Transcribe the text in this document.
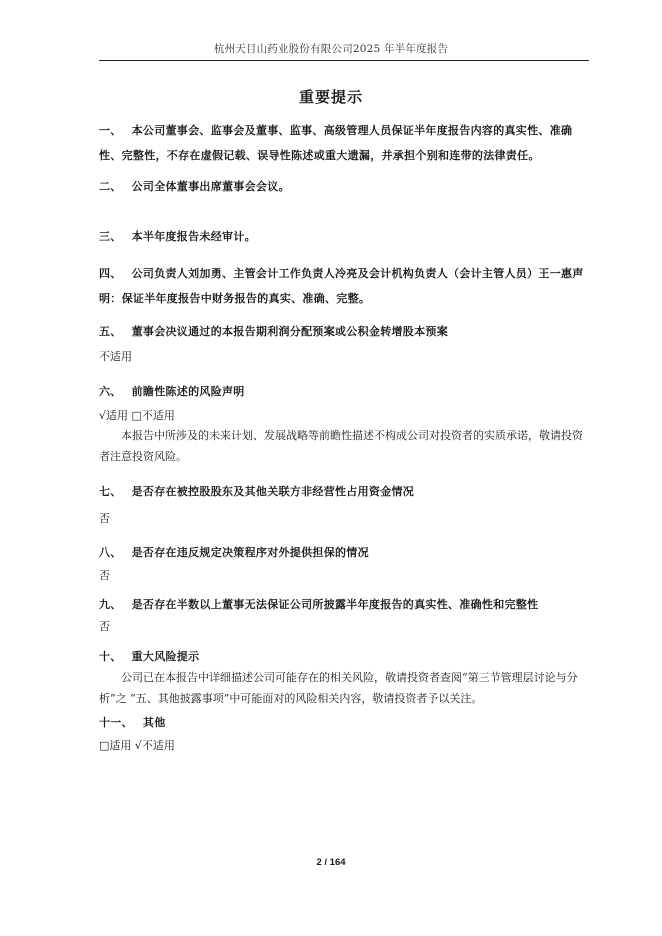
杭州天目山药业股份有限公司2025 年半年度报告
重要提示
一、 本公司董事会、监事会及董事、监事、高级管理人员保证半年度报告内容的真实性、准确性、完整性，不存在虚假记载、误导性陈述或重大遗漏，并承担个别和连带的法律责任。
二、 公司全体董事出席董事会会议。
三、 本半年度报告未经审计。
四、 公司负责人刘加勇、主管会计工作负责人冷亮及会计机构负责人（会计主管人员）王一惠声明：保证半年度报告中财务报告的真实、准确、完整。
五、 董事会决议通过的本报告期利润分配预案或公积金转增股本预案
不适用
六、 前瞻性陈述的风险声明
√适用 □不适用
本报告中所涉及的未来计划、发展战略等前瞻性描述不构成公司对投资者的实质承诺，敬请投资者注意投资风险。
七、 是否存在被控股股东及其他关联方非经营性占用资金情况
否
八、 是否存在违反规定决策程序对外提供担保的情况
否
九、 是否存在半数以上董事无法保证公司所披露半年度报告的真实性、准确性和完整性
否
十、 重大风险提示
公司已在本报告中详细描述公司可能存在的相关风险，敬请投资者查阅“第三节管理层讨论与分析”之 “五、其他披露事项”中可能面对的风险相关内容，敬请投资者予以关注。
十一、 其他
□适用 √不适用
2 / 164
